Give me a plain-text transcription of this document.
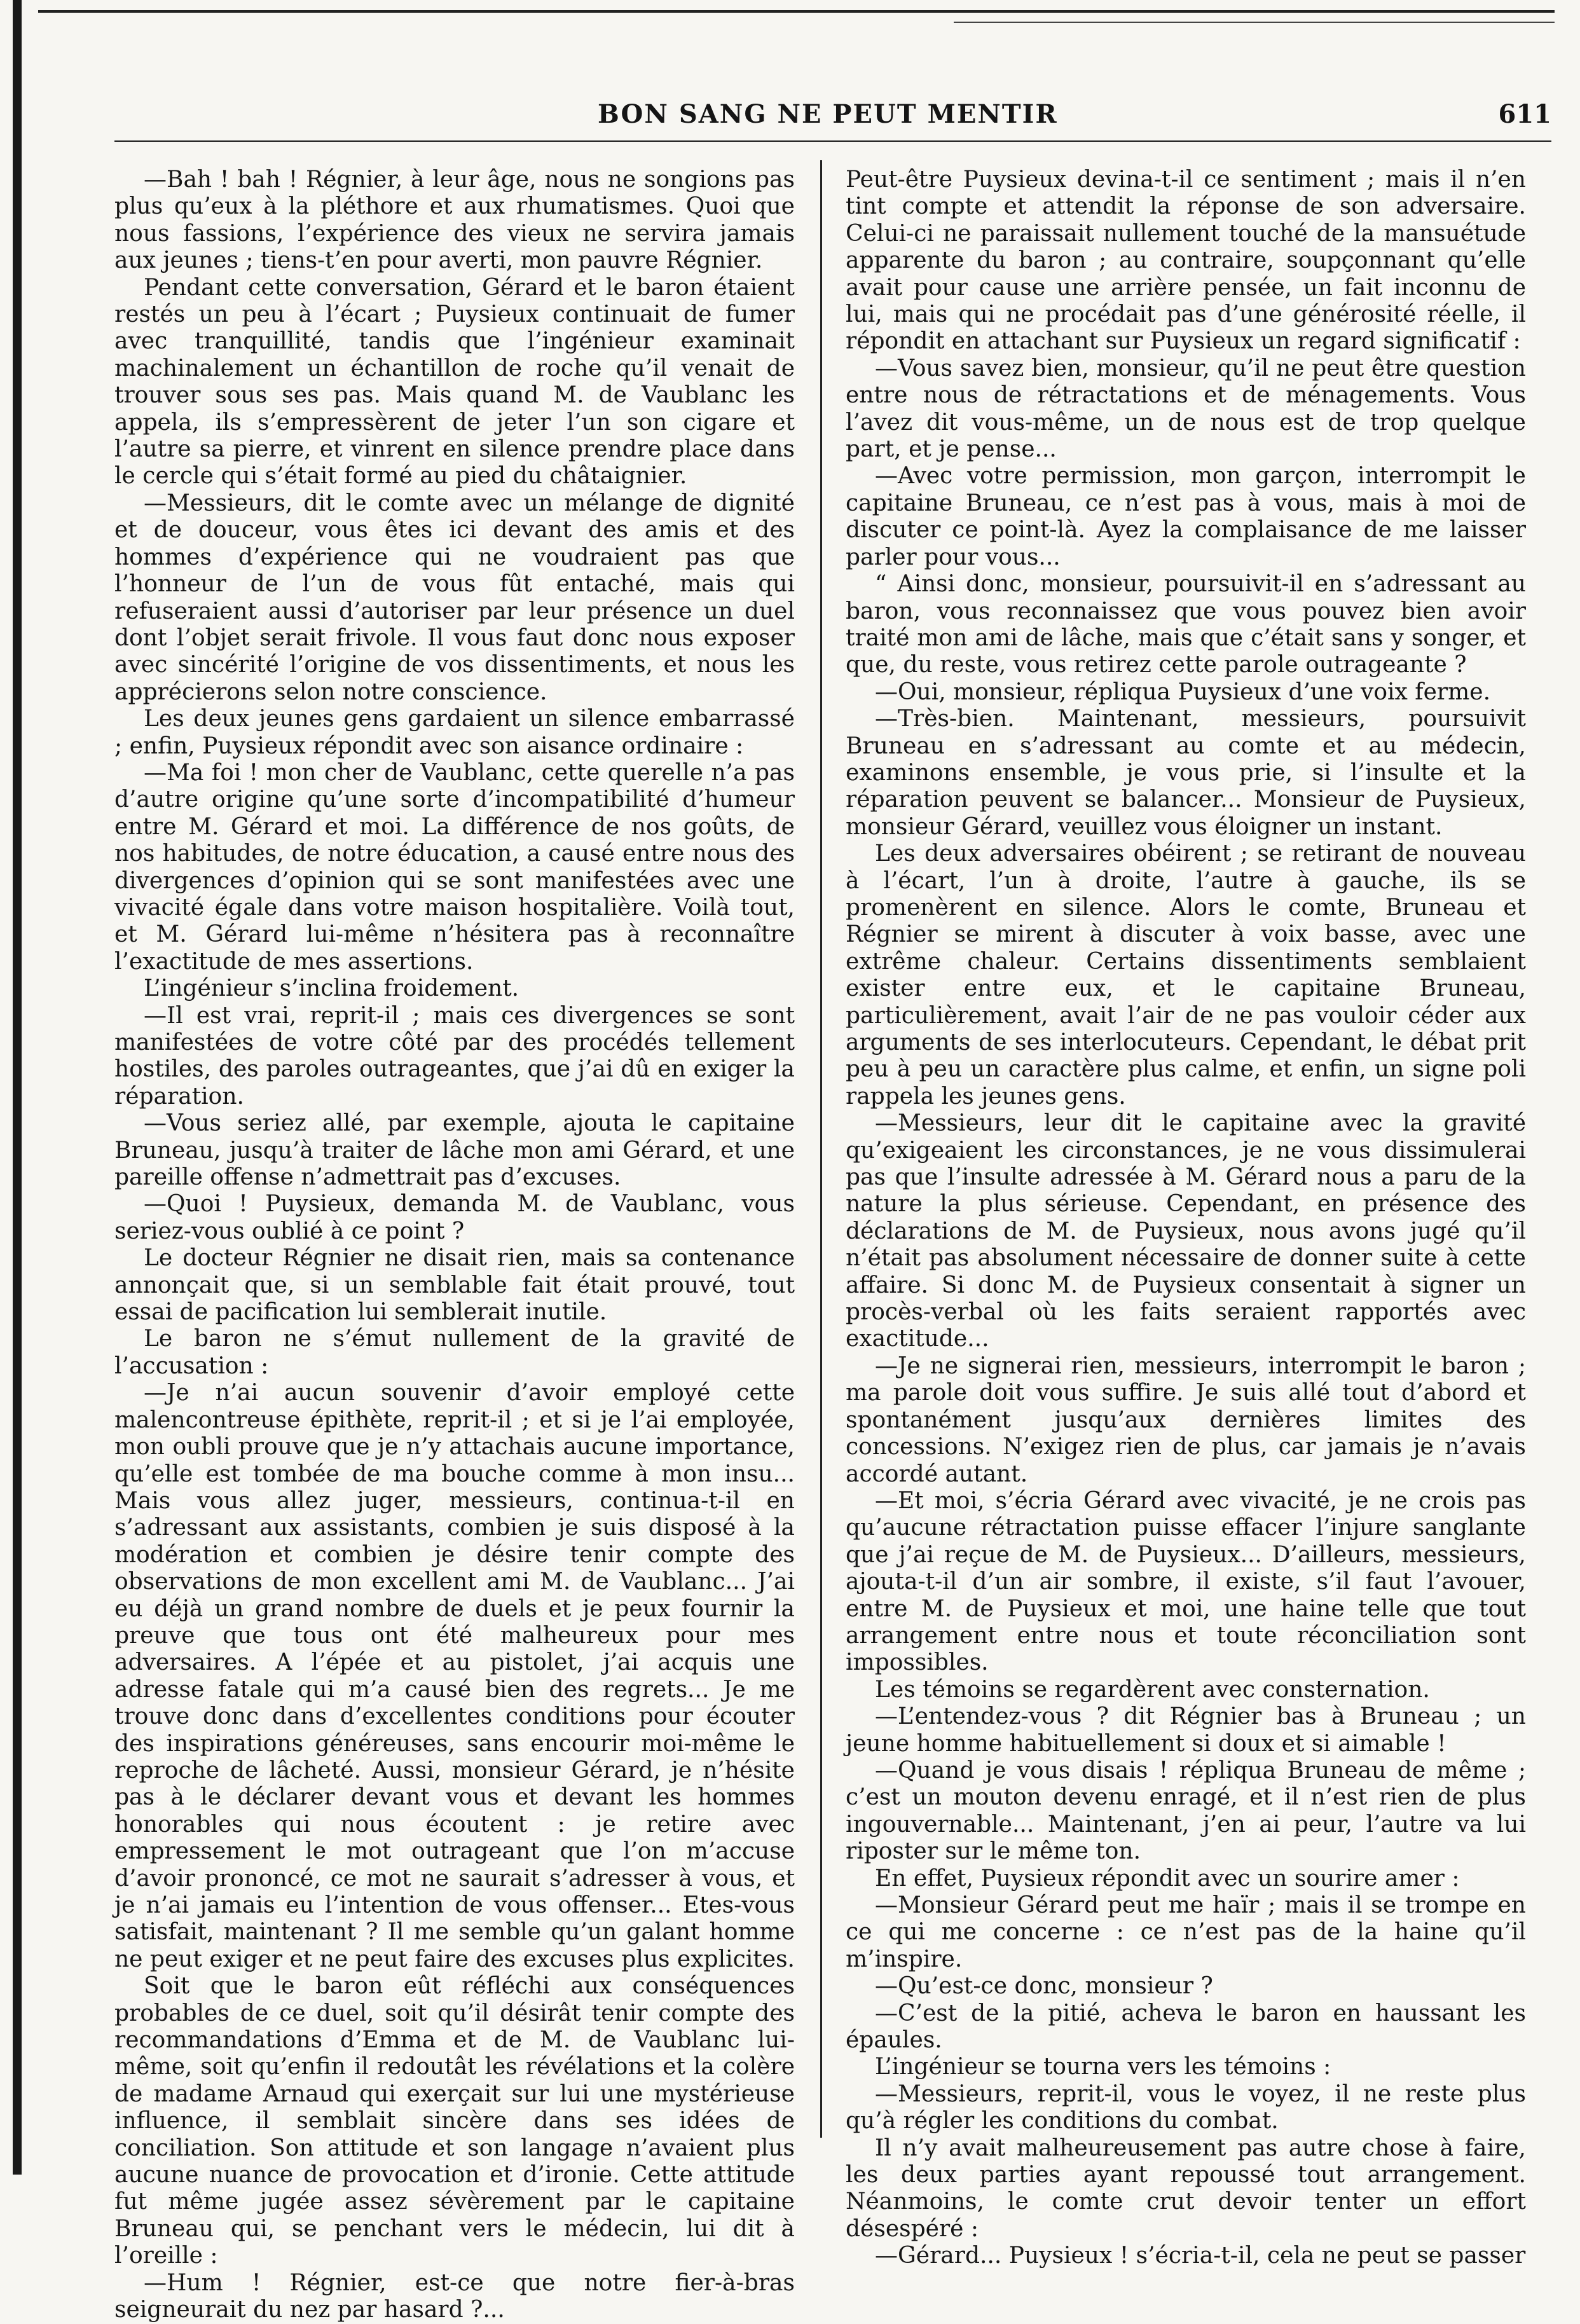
BON SANG NE PEUT MENTIR	611

—Bah ! bah ! Régnier, à leur âge, nous ne songions pas plus qu’eux à la pléthore et aux rhumatismes. Quoi que nous fassions, l’expérience des vieux ne servira jamais aux jeunes ; tiens-t’en pour averti, mon pauvre Régnier.

Pendant cette conversation, Gérard et le baron étaient restés un peu à l’écart ; Puysieux continuait de fumer avec tranquillité, tandis que l’ingénieur examinait machinalement un échantillon de roche qu’il venait de trouver sous ses pas. Mais quand M. de Vaublanc les appela, ils s’empressèrent de jeter l’un son cigare et l’autre sa pierre, et vinrent en silence prendre place dans le cercle qui s’était formé au pied du châtaignier.

—Messieurs, dit le comte avec un mélange de dignité et de douceur, vous êtes ici devant des amis et des hommes d’expérience qui ne voudraient pas que l’honneur de l’un de vous fût entaché, mais qui refuseraient aussi d’autoriser par leur présence un duel dont l’objet serait frivole. Il vous faut donc nous exposer avec sincérité l’origine de vos dissentiments, et nous les apprécierons selon notre conscience.

Les deux jeunes gens gardaient un silence embarrassé ; enfin, Puysieux répondit avec son aisance ordinaire :

—Ma foi ! mon cher de Vaublanc, cette querelle n’a pas d’autre origine qu’une sorte d’incompatibilité d’humeur entre M. Gérard et moi. La différence de nos goûts, de nos habitudes, de notre éducation, a causé entre nous des divergences d’opinion qui se sont manifestées avec une vivacité égale dans votre maison hospitalière. Voilà tout, et M. Gérard lui-même n’hésitera pas à reconnaître l’exactitude de mes assertions.

L’ingénieur s’inclina froidement.

—Il est vrai, reprit-il ; mais ces divergences se sont manifestées de votre côté par des procédés tellement hostiles, des paroles outrageantes, que j’ai dû en exiger la réparation.

—Vous seriez allé, par exemple, ajouta le capitaine Bruneau, jusqu’à traiter de lâche mon ami Gérard, et une pareille offense n’admettrait pas d’excuses.

—Quoi ! Puysieux, demanda M. de Vaublanc, vous seriez-vous oublié à ce point ?

Le docteur Régnier ne disait rien, mais sa contenance annonçait que, si un semblable fait était prouvé, tout essai de pacification lui semblerait inutile.

Le baron ne s’émut nullement de la gravité de l’accusation :

—Je n’ai aucun souvenir d’avoir employé cette malencontreuse épithète, reprit-il ; et si je l’ai employée, mon oubli prouve que je n’y attachais aucune importance, qu’elle est tombée de ma bouche comme à mon insu... Mais vous allez juger, messieurs, continua-t-il en s’adressant aux assistants, combien je suis disposé à la modération et combien je désire tenir compte des observations de mon excellent ami M. de Vaublanc... J’ai eu déjà un grand nombre de duels et je peux fournir la preuve que tous ont été malheureux pour mes adversaires. A l’épée et au pistolet, j’ai acquis une adresse fatale qui m’a causé bien des regrets... Je me trouve donc dans d’excellentes conditions pour écouter des inspirations généreuses, sans encourir moi-même le reproche de lâcheté. Aussi, monsieur Gérard, je n’hésite pas à le déclarer devant vous et devant les hommes honorables qui nous écoutent : je retire avec empressement le mot outrageant que l’on m’accuse d’avoir prononcé, ce mot ne saurait s’adresser à vous, et je n’ai jamais eu l’intention de vous offenser... Etes-vous satisfait, maintenant ? Il me semble qu’un galant homme ne peut exiger et ne peut faire des excuses plus explicites.

Soit que le baron eût réfléchi aux conséquences probables de ce duel, soit qu’il désirât tenir compte des recommandations d’Emma et de M. de Vaublanc lui-même, soit qu’enfin il redoutât les révélations et la colère de madame Arnaud qui exerçait sur lui une mystérieuse influence, il semblait sincère dans ses idées de conciliation. Son attitude et son langage n’avaient plus aucune nuance de provocation et d’ironie. Cette attitude fut même jugée assez sévèrement par le capitaine Bruneau qui, se penchant vers le médecin, lui dit à l’oreille :

—Hum ! Régnier, est-ce que notre fier-à-bras seigneurait du nez par hasard ?...

Peut-être Puysieux devina-t-il ce sentiment ; mais il n’en tint compte et attendit la réponse de son adversaire. Celui-ci ne paraissait nullement touché de la mansuétude apparente du baron ; au contraire, soupçonnant qu’elle avait pour cause une arrière pensée, un fait inconnu de lui, mais qui ne procédait pas d’une générosité réelle, il répondit en attachant sur Puysieux un regard significatif :

—Vous savez bien, monsieur, qu’il ne peut être question entre nous de rétractations et de ménagements. Vous l’avez dit vous-même, un de nous est de trop quelque part, et je pense...

—Avec votre permission, mon garçon, interrompit le capitaine Bruneau, ce n’est pas à vous, mais à moi de discuter ce point-là. Ayez la complaisance de me laisser parler pour vous...

“ Ainsi donc, monsieur, poursuivit-il en s’adressant au baron, vous reconnaissez que vous pouvez bien avoir traité mon ami de lâche, mais que c’était sans y songer, et que, du reste, vous retirez cette parole outrageante ?

—Oui, monsieur, répliqua Puysieux d’une voix ferme.

—Très-bien. Maintenant, messieurs, poursuivit Bruneau en s’adressant au comte et au médecin, examinons ensemble, je vous prie, si l’insulte et la réparation peuvent se balancer... Monsieur de Puysieux, monsieur Gérard, veuillez vous éloigner un instant.

Les deux adversaires obéirent ; se retirant de nouveau à l’écart, l’un à droite, l’autre à gauche, ils se promenèrent en silence. Alors le comte, Bruneau et Régnier se mirent à discuter à voix basse, avec une extrême chaleur. Certains dissentiments semblaient exister entre eux, et le capitaine Bruneau, particulièrement, avait l’air de ne pas vouloir céder aux arguments de ses interlocuteurs. Cependant, le débat prit peu à peu un caractère plus calme, et enfin, un signe poli rappela les jeunes gens.

—Messieurs, leur dit le capitaine avec la gravité qu’exigeaient les circonstances, je ne vous dissimulerai pas que l’insulte adressée à M. Gérard nous a paru de la nature la plus sérieuse. Cependant, en présence des déclarations de M. de Puysieux, nous avons jugé qu’il n’était pas absolument nécessaire de donner suite à cette affaire. Si donc M. de Puysieux consentait à signer un procès-verbal où les faits seraient rapportés avec exactitude...

—Je ne signerai rien, messieurs, interrompit le baron ; ma parole doit vous suffire. Je suis allé tout d’abord et spontanément jusqu’aux dernières limites des concessions. N’exigez rien de plus, car jamais je n’avais accordé autant.

—Et moi, s’écria Gérard avec vivacité, je ne crois pas qu’aucune rétractation puisse effacer l’injure sanglante que j’ai reçue de M. de Puysieux... D’ailleurs, messieurs, ajouta-t-il d’un air sombre, il existe, s’il faut l’avouer, entre M. de Puysieux et moi, une haine telle que tout arrangement entre nous et toute réconciliation sont impossibles.

Les témoins se regardèrent avec consternation.

—L’entendez-vous ? dit Régnier bas à Bruneau ; un jeune homme habituellement si doux et si aimable !

—Quand je vous disais ! répliqua Bruneau de même ; c’est un mouton devenu enragé, et il n’est rien de plus ingouvernable... Maintenant, j’en ai peur, l’autre va lui riposter sur le même ton.

En effet, Puysieux répondit avec un sourire amer :

—Monsieur Gérard peut me haïr ; mais il se trompe en ce qui me concerne : ce n’est pas de la haine qu’il m’inspire.

—Qu’est-ce donc, monsieur ?

—C’est de la pitié, acheva le baron en haussant les épaules.

L’ingénieur se tourna vers les témoins :

—Messieurs, reprit-il, vous le voyez, il ne reste plus qu’à régler les conditions du combat.

Il n’y avait malheureusement pas autre chose à faire, les deux parties ayant repoussé tout arrangement. Néanmoins, le comte crut devoir tenter un effort désespéré :

—Gérard... Puysieux ! s’écria-t-il, cela ne peut se passer
